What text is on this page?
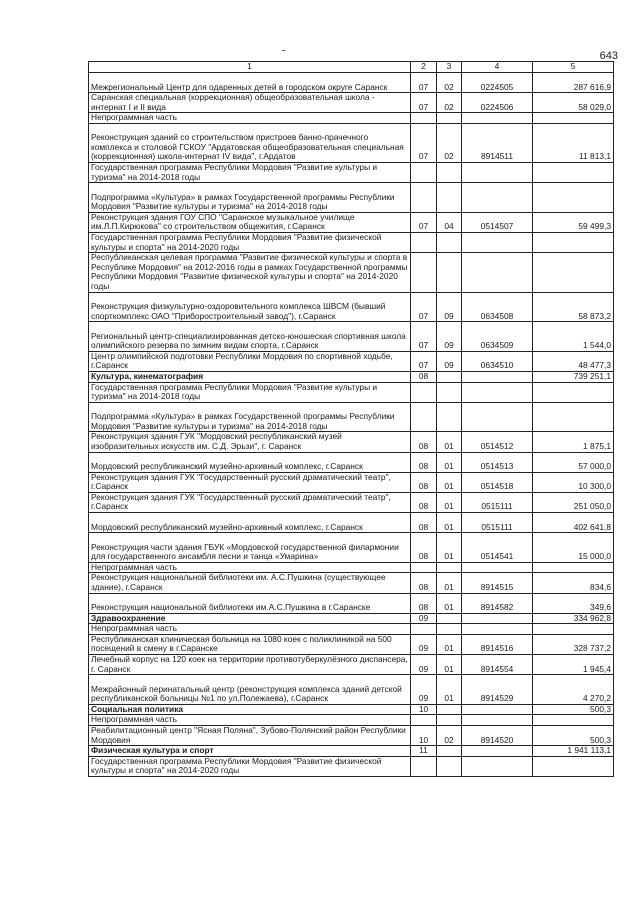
643
1	2	3	4	5
Межрегиональный Центр для одаренных детей в городском округе Саранск	07	02	0224505	287 616,9
Саранская специальная (коррекционная) общеобразовательная школа - интернат I и II вида	07	02	0224506	58 029,0
Непрограммная часть				
Реконструкция зданий со строительством пристроев баннo-прачечного комплекса и столовой ГСКОУ "Ардатовская общеобразовательная специальная (коррекционная) школа-интернат IV вида", г.Ардатов	07	02	8914511	11 813,1
Государственная программа Республики Мордовия "Развитие культуры и туризма" на 2014-2018 годы				
Подпрограмма «Культура» в рамках Государственной программы Республики Мордовия "Развитие культуры и туризма" на 2014-2018 годы				
Реконструкция здания ГОУ СПО "Саранское музыкальное училище им.Л.П.Кирюкова" со строительством общежития, г.Саранск	07	04	0514507	59 499,3
Государственная программа Республики Мордовия "Развитие физической культуры и спорта" на 2014-2020 годы				
Республиканская целевая программа "Развитие физической культуры и спорта в Республике Мордовия" на 2012-2016 годы в рамках Государственной программы Республики Мордовия "Развитие физической культуры и спорта" на 2014-2020 годы				
Реконструкция физкультурно-оздоровительного комплекса ШВСМ (бывший спорткомплекс ОАО "Приборостроительный завод"), г.Саранск	07	09	0634508	58 873,2
Региональный центр-специализированная детско-юношеская спортивная школа олимпийского резерва по зимним видам спорта, г.Саранск	07	09	0634509	1 544,0
Центр олимпийской подготовки Республики Мордовия по спортивной ходьбе, г.Саранск	07	09	0634510	48 477,3
Культура, кинематография	08			739 251,1
Государственная программа Республики Мордовия "Развитие культуры и туризма" на 2014-2018 годы				
Подпрограмма «Культура» в рамках Государственной программы Республики Мордовия "Развитие культуры и туризма" на 2014-2018 годы				
Реконструкция здания ГУК "Мордовский республиканский музей изобразительных искусств им. С.Д. Эрьзи", г. Саранск	08	01	0514512	1 875,1
Мордовский республиканский музейно-архивный комплекс, г.Саранск	08	01	0514513	57 000,0
Реконструкция здания ГУК "Государственный русский драматический театр", г.Саранск	08	01	0514518	10 300,0
Реконструкция здания ГУК "Государственный русский драматический театр", г.Саранск	08	01	0515111	251 050,0
Мордовский республиканский музейно-архивный комплекс, г.Саранск	08	01	0515111	402 641,8
Реконструкция части здания ГБУК «Мордовской государственной филармонии для государственного ансамбля песни и танца «Умарина»	08	01	0514541	15 000,0
Непрограммная часть				
Реконструкция национальной библиотеки им. А.С.Пушкина (существующее здание), г.Саранск	08	01	8914515	834,6
Реконструкция национальной библиотеки им.А.С.Пушкина в г.Саранске	08	01	8914582	349,6
Здравоохранение	09			334 962,8
Непрограммная часть				
Республиканская клиническая больница на 1080 коек с поликлиникой на 500 посещений в смену в г.Саранске	09	01	8914516	328 737,2
Лечебный корпус на 120 коек на территории противотуберкулёзного диспансера, г. Саранск	09	01	8914554	1 945,4
Межрайонный перинатальный центр (реконструкция комплекса зданий детской республиканской больницы №1 по ул.Полежаева), г.Саранск	09	01	8914529	4 270,2
Социальная политика	10			500,3
Непрограммная часть				
Реабилитационный центр "Ясная Поляна", Зубово-Полянский район Республики Мордовия	10	02	8914520	500,3
Физическая культура и спорт	11			1 941 113,1
Государственная программа Республики Мордовия "Развитие физической культуры и спорта" на 2014-2020 годы				
